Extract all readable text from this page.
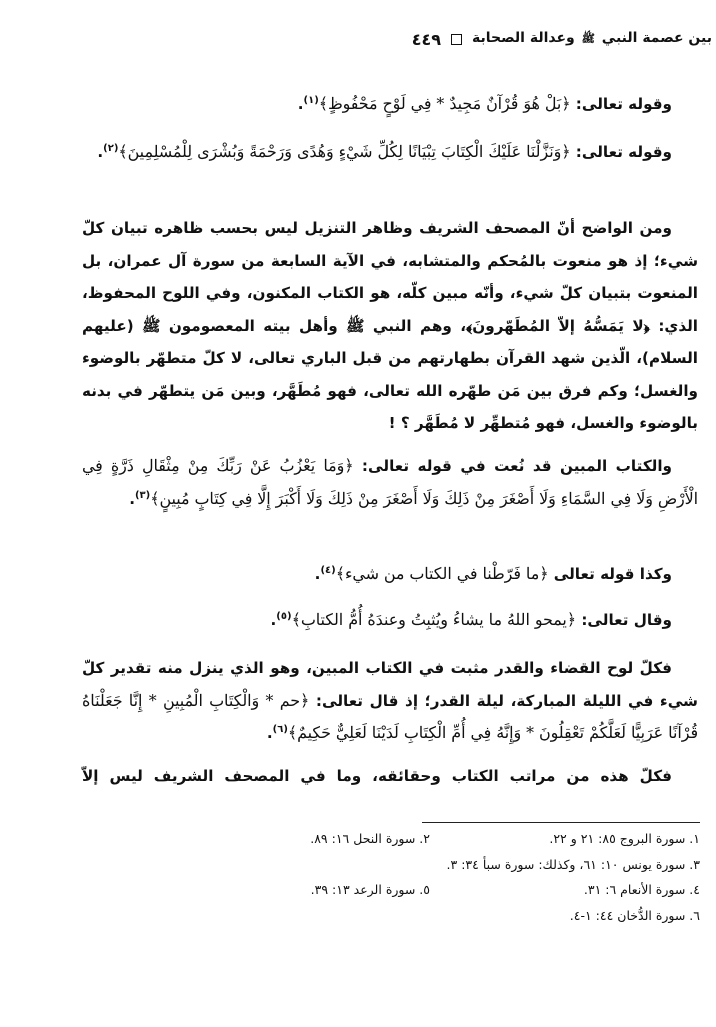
بين عصمة النبي ﷺ وعدالة الصحابة
٤٤٩

وقوله تعالى: ﴿بَلْ هُوَ قُرْآنٌ مَجِيدٌ * فِي لَوْحٍ مَحْفُوظٍ﴾$^{(١)}$.

وقوله تعالى: ﴿وَنَزَّلْنَا عَلَيْكَ الْكِتَابَ تِبْيَانًا لِكُلِّ شَيْءٍ وَهُدًى وَرَحْمَةً وَبُشْرَى لِلْمُسْلِمِينَ﴾$^{(٢)}$.

ومن الواضح أنّ المصحف الشريف وظاهر التنزيل ليس بحسب ظاهره تبيان كلّ شيء؛ إذ هو منعوت بالمُحكم والمتشابه، في الآية السابعة من سورة آل عمران، بل المنعوت بتبيان كلّ شيء، وأنّه مبين كلّه، هو الكتاب المكنون، وفي اللوح المحفوظ، الذي: ﴿لا يَمَسُّهُ إلاّ المُطَهّرونَ﴾، وهم النبي ﷺ وأهل بيته المعصومون ﷺ (عليهم السلام)، الّذين شهد القرآن بطهارتهم من قبل الباري تعالى، لا كلّ متطهّر بالوضوء والغسل؛ وكم فرق بين مَن طهّره الله تعالى، فهو مُطَهَّر، وبين مَن يتطهّر في بدنه بالوضوء والغسل، فهو مُتطهِّر لا مُطَهَّر ؟ !

والكتاب المبين قد نُعت في قوله تعالى: ﴿وَمَا يَعْزُبُ عَنْ رَبِّكَ مِنْ مِثْقَالِ ذَرَّةٍ فِي الْأَرْضِ وَلَا فِي السَّمَاءِ وَلَا أَصْغَرَ مِنْ ذَلِكَ وَلَا أَصْغَرَ مِنْ ذَلِكَ وَلَا أَكْبَرَ إِلَّا فِي كِتَابٍ مُبِينٍ﴾$^{(٣)}$.

وكذا قوله تعالى ﴿ما فَرّطْنا في الكتاب من شيء﴾$^{(٤)}$.

وقال تعالى: ﴿يمحو اللهُ ما يشاءُ ويُثبِتُ وعندَهُ أُمُّ الكتابِ﴾$^{(٥)}$.

فكلّ لوح القضاء والقدر مثبت في الكتاب المبين، وهو الذي ينزل منه تقدير كلّ شيء في الليلة المباركة، ليلة القدر؛ إذ قال تعالى: ﴿حم * وَالْكِتَابِ الْمُبِينِ * إِنَّا جَعَلْنَاهُ قُرْآنًا عَرَبِيًّا لَعَلَّكُمْ تَعْقِلُونَ * وَإِنَّهُ فِي أُمِّ الْكِتَابِ لَدَيْنَا لَعَلِيٌّ حَكِيمٌ﴾$^{(٦)}$.

فكلّ هذه من مراتب الكتاب وحقائقه، وما في المصحف الشريف ليس إلاّ

١. سورة البروج ٨٥: ٢١ و ٢٢.
٢. سورة النحل ١٦: ٨٩.
٣. سورة يونس ١٠: ٦١، وكذلك: سورة سبأ ٣٤: ٣.
٤. سورة الأنعام ٦: ٣١.
٥. سورة الرعد ١٣: ٣٩.
٦. سورة الدُّخان ٤٤: ١-٤.
